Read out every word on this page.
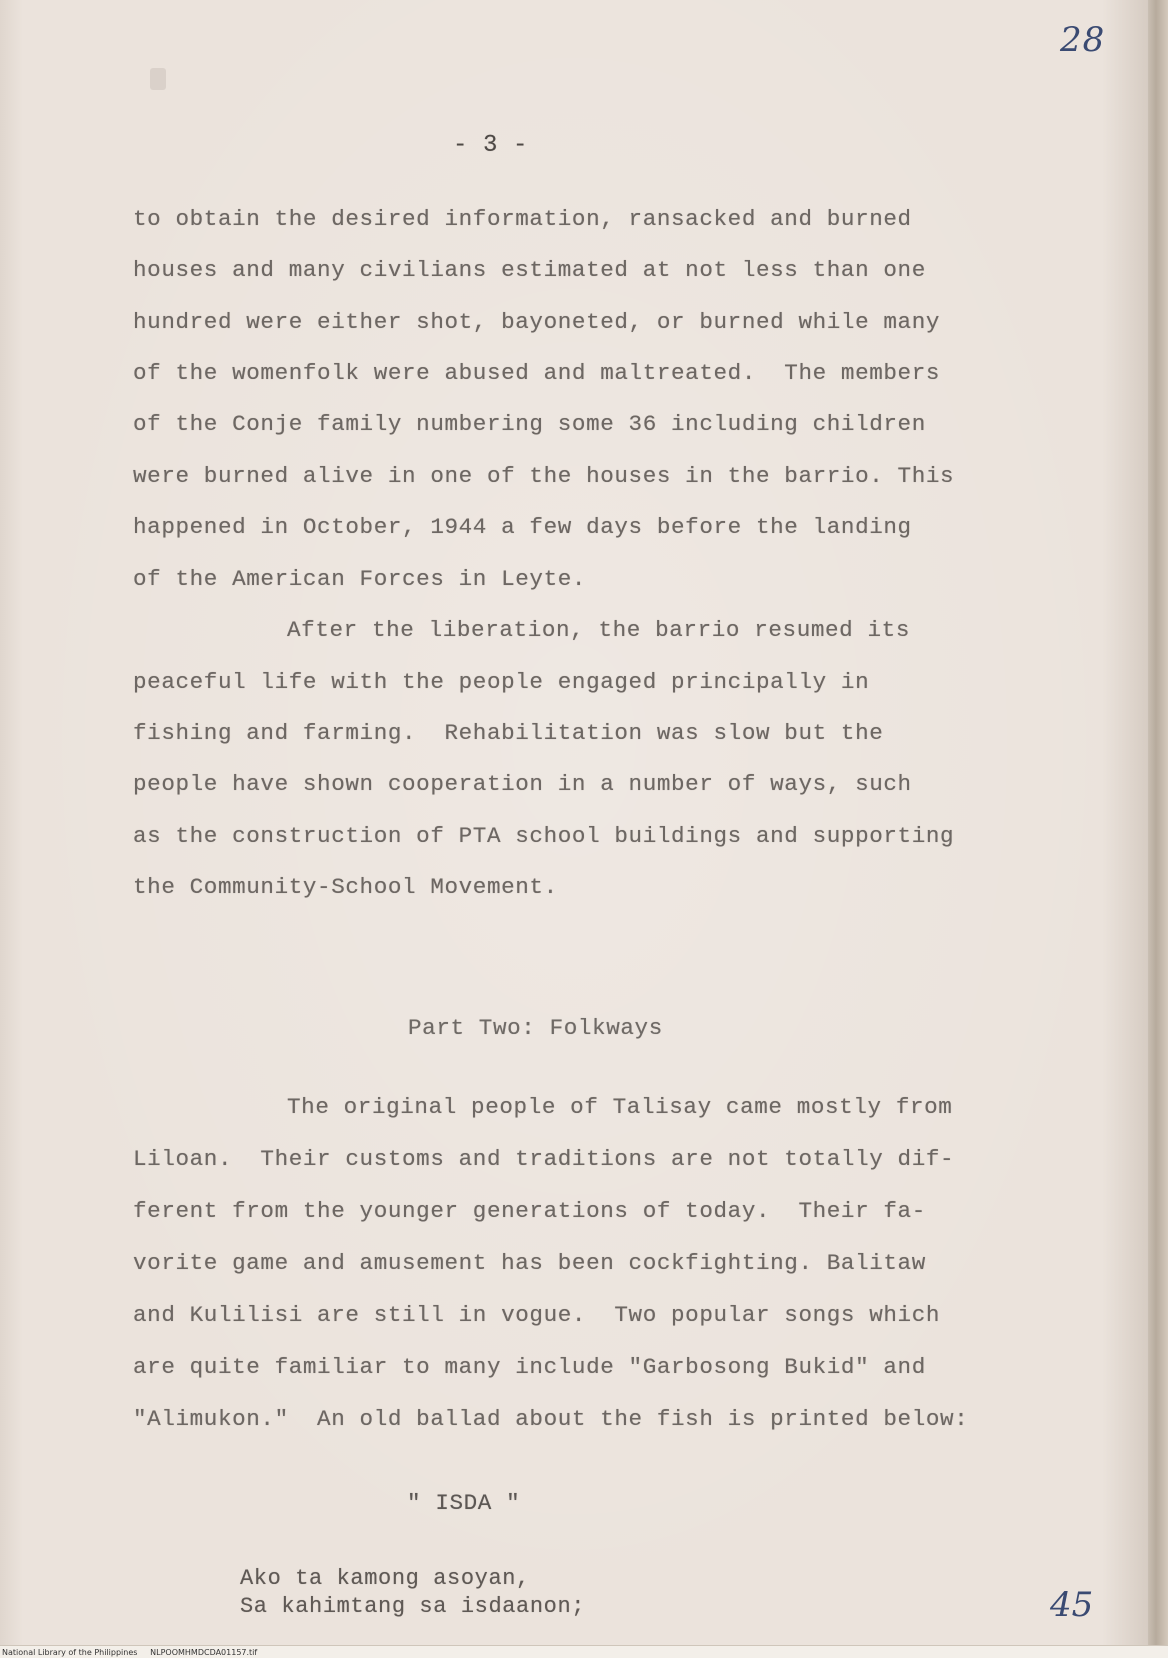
28
- 3 -
to obtain the desired information, ransacked and burned
houses and many civilians estimated at not less than one
hundred were either shot, bayoneted, or burned while many
of the womenfolk were abused and maltreated.  The members
of the Conje family numbering some 36 including children
were burned alive in one of the houses in the barrio. This
happened in October, 1944 a few days before the landing
of the American Forces in Leyte.
After the liberation, the barrio resumed its
peaceful life with the people engaged principally in
fishing and farming.  Rehabilitation was slow but the
people have shown cooperation in a number of ways, such
as the construction of PTA school buildings and supporting
the Community-School Movement.
Part Two: Folkways
The original people of Talisay came mostly from
Liloan.  Their customs and traditions are not totally dif-
ferent from the younger generations of today.  Their fa-
vorite game and amusement has been cockfighting. Balitaw
and Kulilisi are still in vogue.  Two popular songs which
are quite familiar to many include "Garbosong Bukid" and
"Alimukon."  An old ballad about the fish is printed below:
" ISDA "
Ako ta kamong asoyan,
Sa kahimtang sa isdaanon;	45
National Library of the Philippines     NLPOOMHMDCDA01157.tif
